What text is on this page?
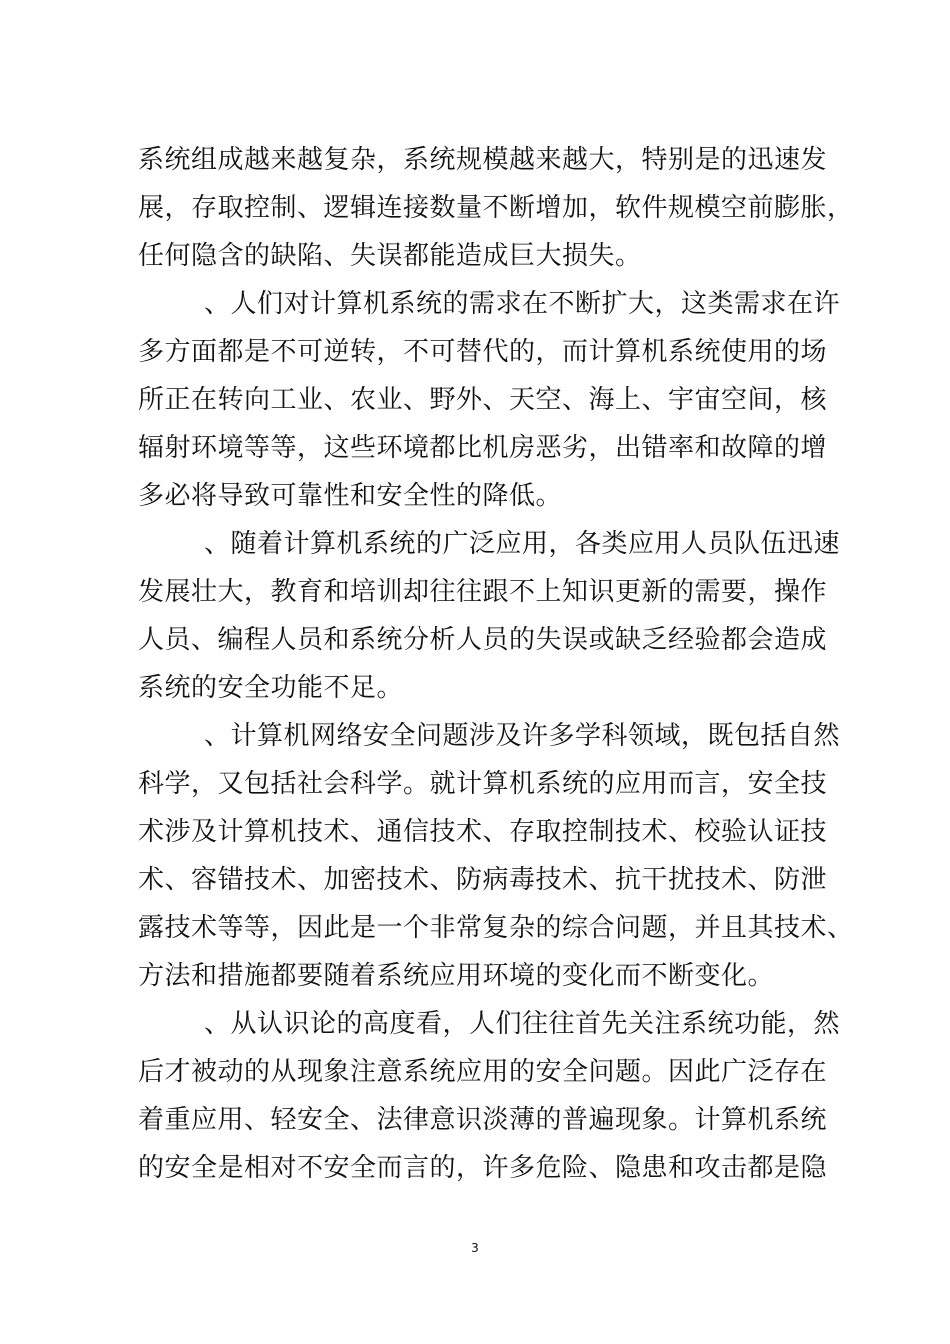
系统组成越来越复杂，系统规模越来越大，特别是的迅速发
展，存取控制、逻辑连接数量不断增加，软件规模空前膨胀，
任何隐含的缺陷、失误都能造成巨大损失。
、人们对计算机系统的需求在不断扩大，这类需求在许
多方面都是不可逆转，不可替代的，而计算机系统使用的场
所正在转向工业、农业、野外、天空、海上、宇宙空间，核
辐射环境等等，这些环境都比机房恶劣，出错率和故障的增
多必将导致可靠性和安全性的降低。
、随着计算机系统的广泛应用，各类应用人员队伍迅速
发展壮大，教育和培训却往往跟不上知识更新的需要，操作
人员、编程人员和系统分析人员的失误或缺乏经验都会造成
系统的安全功能不足。
、计算机网络安全问题涉及许多学科领域，既包括自然
科学，又包括社会科学。就计算机系统的应用而言，安全技
术涉及计算机技术、通信技术、存取控制技术、校验认证技
术、容错技术、加密技术、防病毒技术、抗干扰技术、防泄
露技术等等，因此是一个非常复杂的综合问题，并且其技术、
方法和措施都要随着系统应用环境的变化而不断变化。
、从认识论的高度看，人们往往首先关注系统功能，然
后才被动的从现象注意系统应用的安全问题。因此广泛存在
着重应用、轻安全、法律意识淡薄的普遍现象。计算机系统
的安全是相对不安全而言的，许多危险、隐患和攻击都是隐
3
